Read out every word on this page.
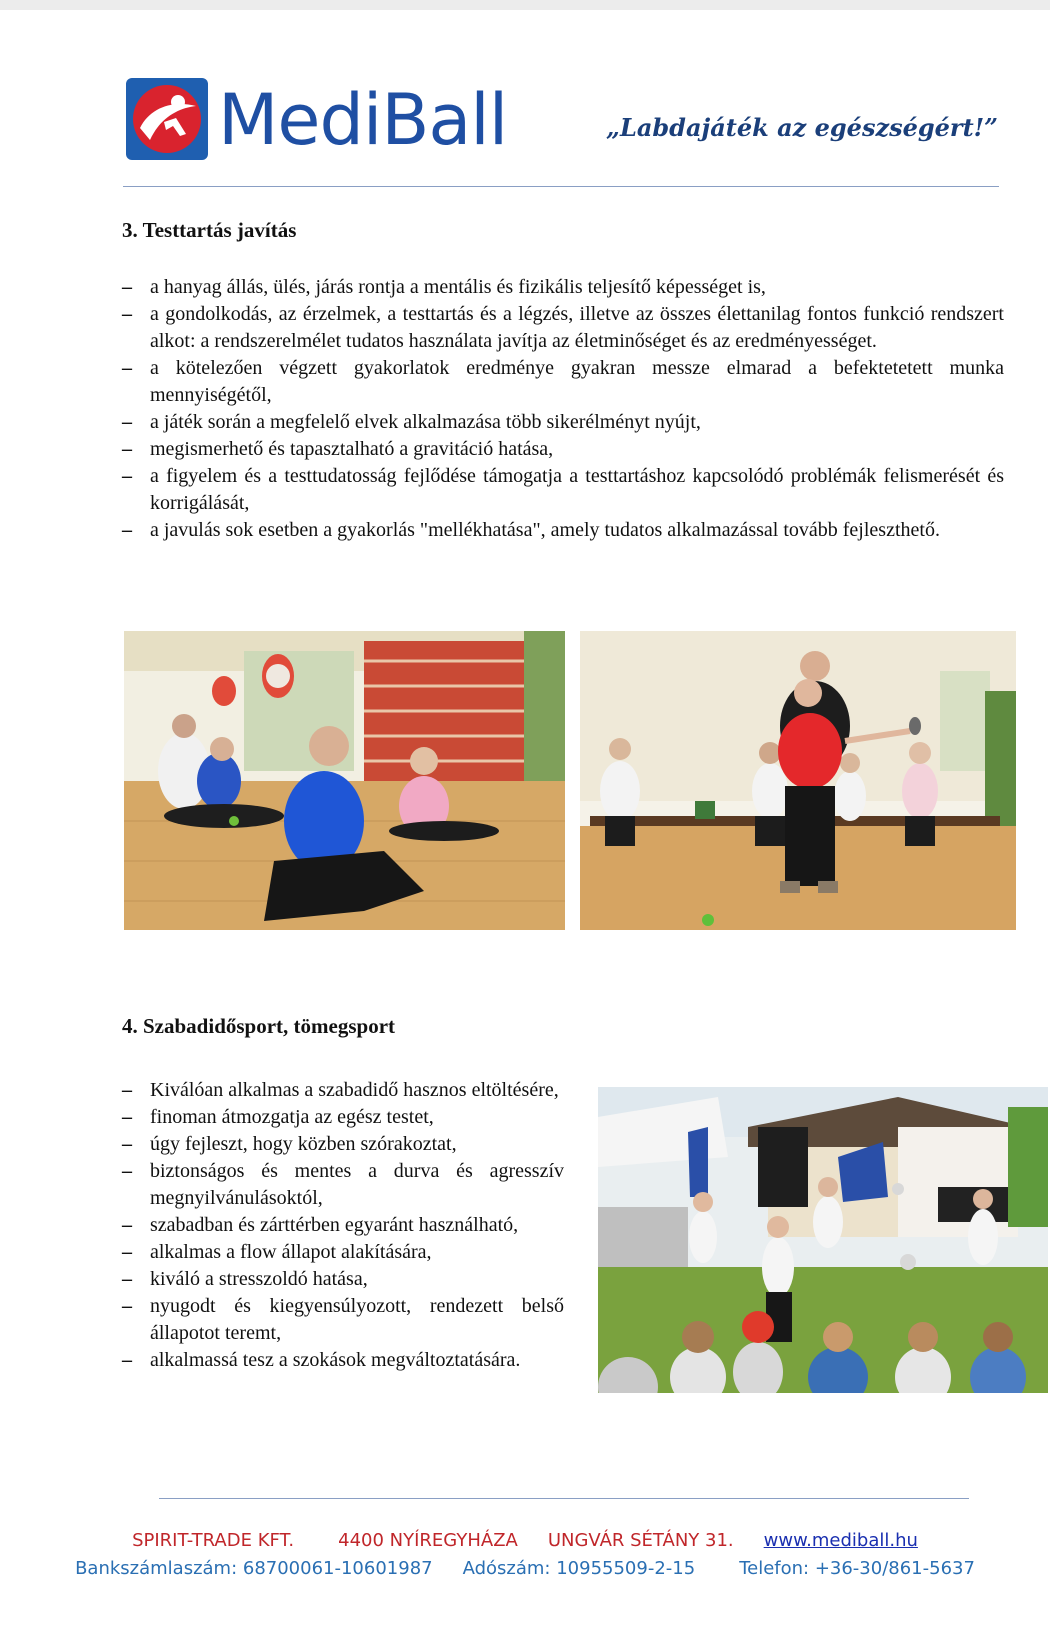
MediBall	„Labdajáték az egészségért!”
3. Testtartás javítás
– a hanyag állás, ülés, járás rontja a mentális és fizikális teljesítő képességet is,
– a gondolkodás, az érzelmek, a testtartás és a légzés, illetve az összes élettanilag fontos funkció rendszert alkot: a rendszerelmélet tudatos használata javítja az életminőséget és az eredményességet.
– a kötelezően végzett gyakorlatok eredménye gyakran messze elmarad a befektetetett munka mennyiségétől,
– a játék során a megfelelő elvek alkalmazása több sikerélményt nyújt,
– megismerhető és tapasztalható a gravitáció hatása,
– a figyelem és a testtudatosság fejlődése támogatja a testtartáshoz kapcsolódó problémák felismerését és korrigálását,
– a javulás sok esetben a gyakorlás "mellékhatása", amely tudatos alkalmazással tovább fejleszthető.
4. Szabadidősport, tömegsport
– Kiválóan alkalmas a szabadidő hasznos eltöltésére,
– finoman átmozgatja az egész testet,
– úgy fejleszt, hogy közben szórakoztat,
– biztonságos és mentes a durva és agresszív megnyilvánulásoktól,
– szabadban és zárttérben egyaránt használható,
– alkalmas a flow állapot alakítására,
– kiváló a stresszoldó hatása,
– nyugodt és kiegyensúlyozott, rendezett belső állapotot teremt,
– alkalmassá tesz a szokások megváltoztatására.
SPIRIT-TRADE KFT. 4400 NYÍREGYHÁZA UNGVÁR SÉTÁNY 31. www.mediball.hu
Bankszámlaszám: 68700061-10601987 Adószám: 10955509-2-15 Telefon: +36-30/861-5637
